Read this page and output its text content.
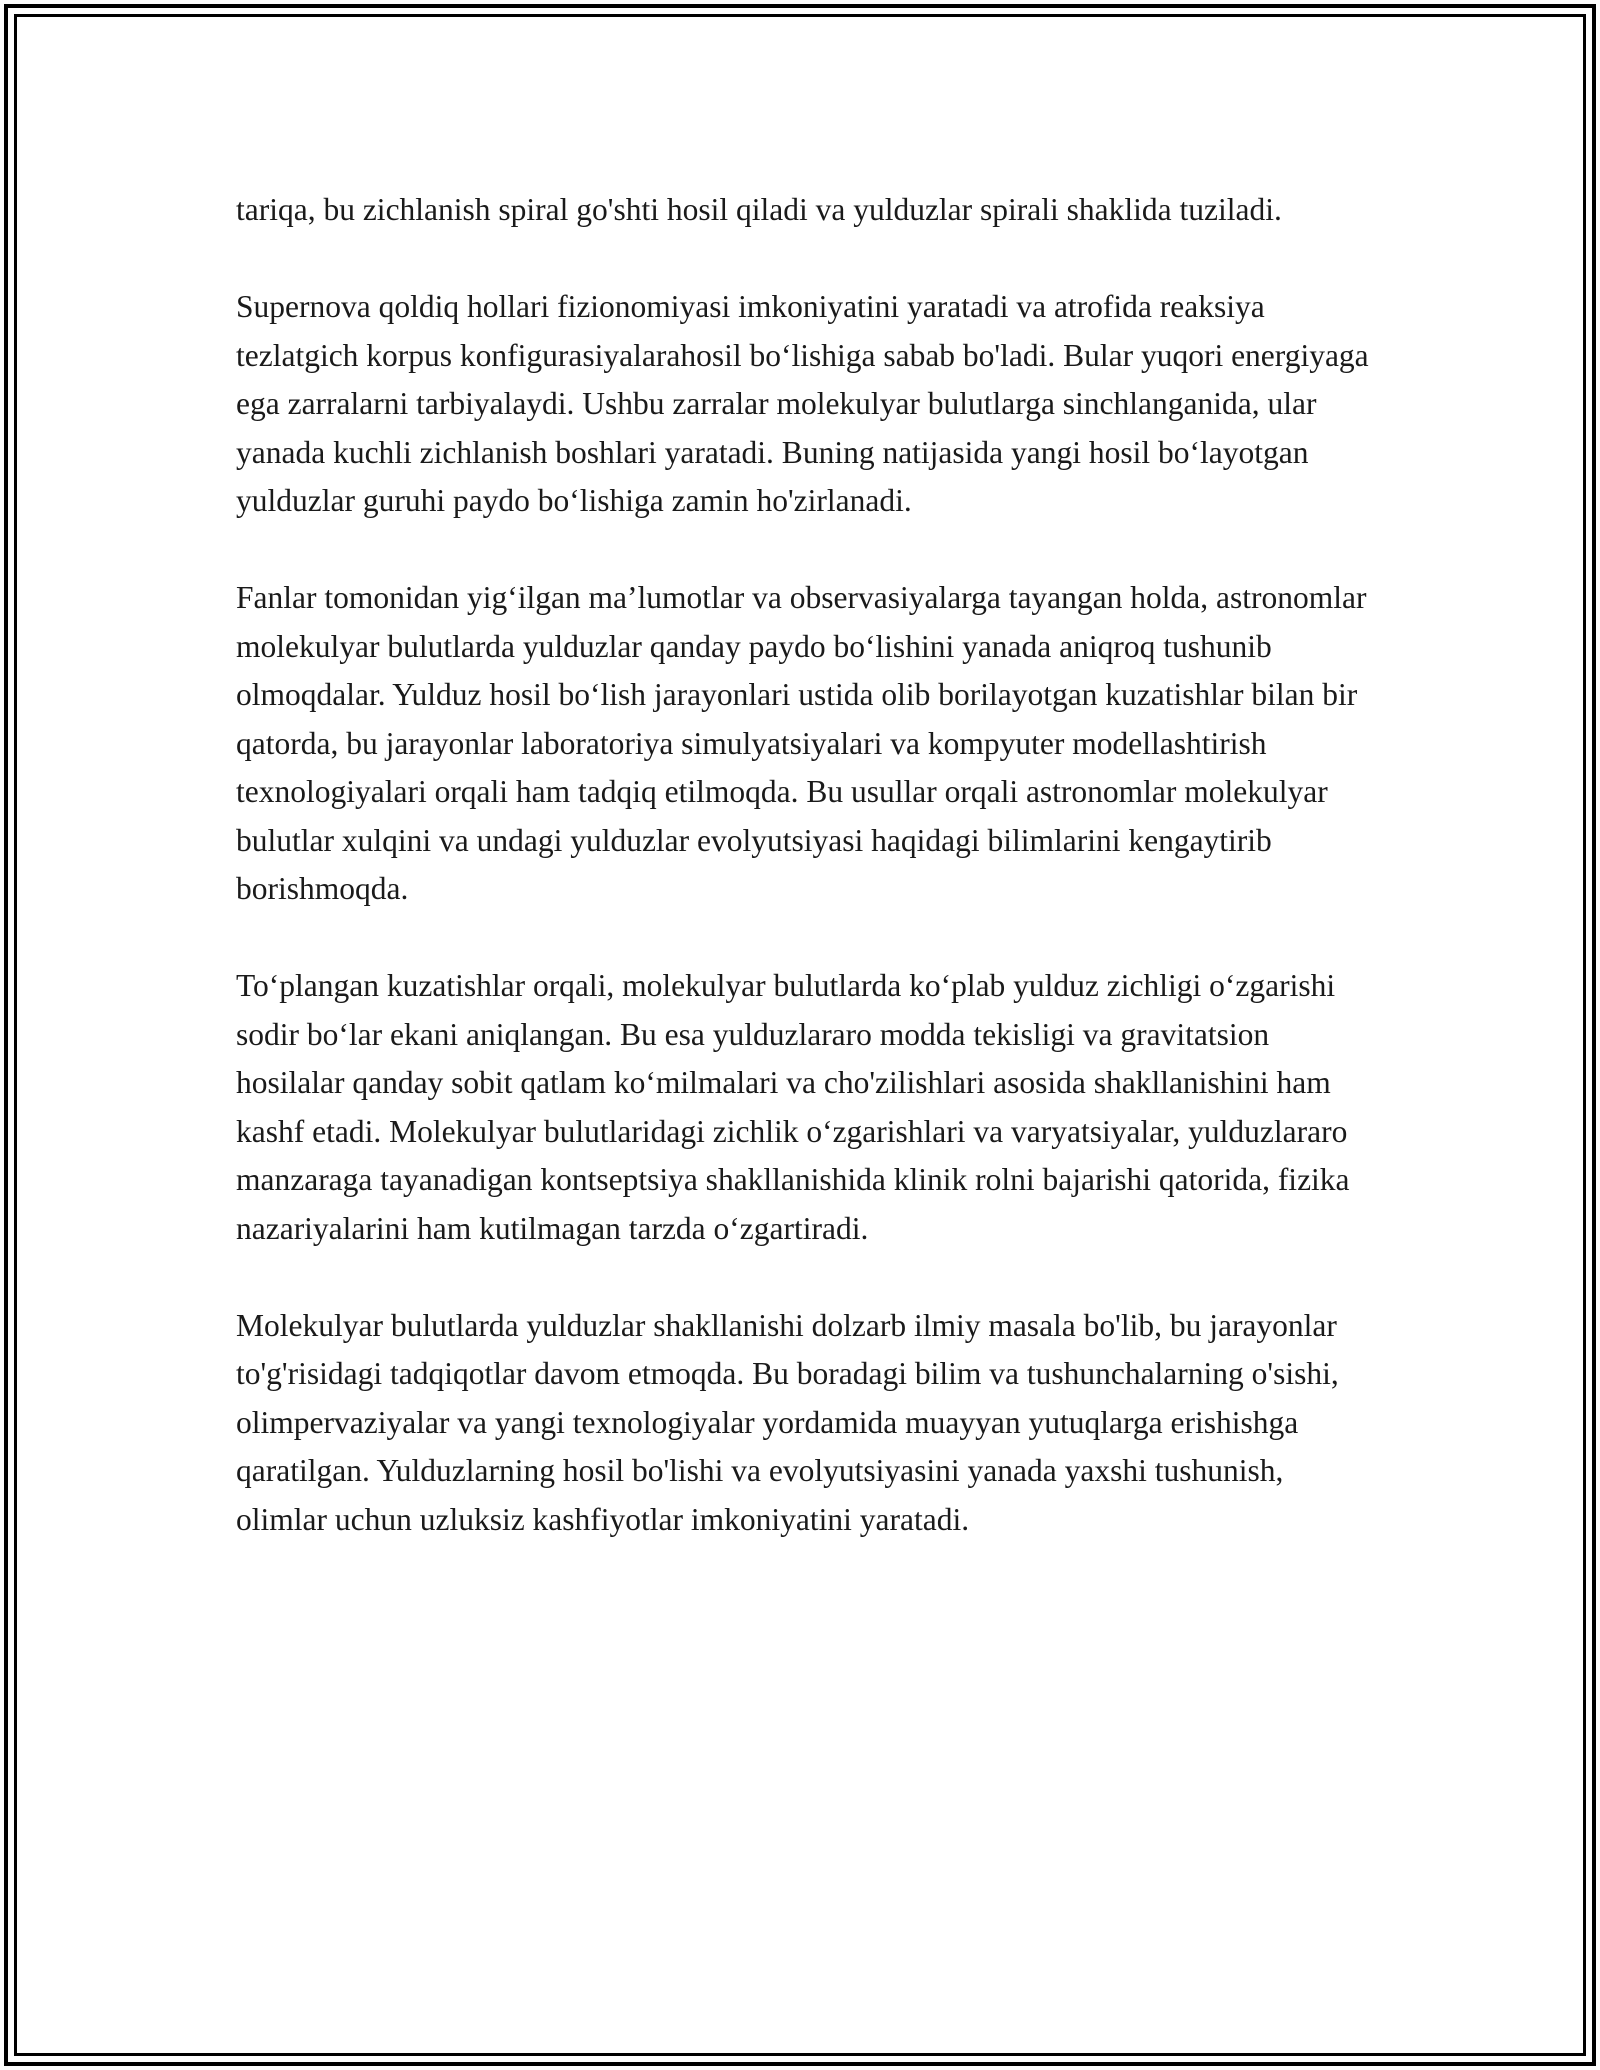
tariqa, bu zichlanish spiral go'shti hosil qiladi va yulduzlar spirali shaklida tuziladi.

Supernova qoldiq hollari fizionomiyasi imkoniyatini yaratadi va atrofida reaksiya tezlatgich korpus konfigurasiyalarahosil bo‘lishiga sabab bo'ladi. Bular yuqori energiyaga ega zarralarni tarbiyalaydi. Ushbu zarralar molekulyar bulutlarga sinchlanganida, ular yanada kuchli zichlanish boshlari yaratadi. Buning natijasida yangi hosil bo‘layotgan yulduzlar guruhi paydo bo‘lishiga zamin ho'zirlanadi.

Fanlar tomonidan yig‘ilgan ma’lumotlar va observasiyalarga tayangan holda, astronomlar molekulyar bulutlarda yulduzlar qanday paydo bo‘lishini yanada aniqroq tushunib olmoqdalar. Yulduz hosil bo‘lish jarayonlari ustida olib borilayotgan kuzatishlar bilan bir qatorda, bu jarayonlar laboratoriya simulyatsiyalari va kompyuter modellashtirish texnologiyalari orqali ham tadqiq etilmoqda. Bu usullar orqali astronomlar molekulyar bulutlar xulqini va undagi yulduzlar evolyutsiyasi haqidagi bilimlarini kengaytirib borishmoqda.

To‘plangan kuzatishlar orqali, molekulyar bulutlarda ko‘plab yulduz zichligi o‘zgarishi sodir bo‘lar ekani aniqlangan. Bu esa yulduzlararo modda tekisligi va gravitatsion hosilalar qanday sobit qatlam ko‘milmalari va cho'zilishlari asosida shakllanishini ham kashf etadi. Molekulyar bulutlaridagi zichlik o‘zgarishlari va varyatsiyalar, yulduzlararo manzaraga tayanadigan kontseptsiya shakllanishida klinik rolni bajarishi qatorida, fizika nazariyalarini ham kutilmagan tarzda o‘zgartiradi.

Molekulyar bulutlarda yulduzlar shakllanishi dolzarb ilmiy masala bo'lib, bu jarayonlar to'g'risidagi tadqiqotlar davom etmoqda. Bu boradagi bilim va tushunchalarning o'sishi, olimpervaziyalar va yangi texnologiyalar yordamida muayyan yutuqlarga erishishga qaratilgan. Yulduzlarning hosil bo'lishi va evolyutsiyasini yanada yaxshi tushunish, olimlar uchun uzluksiz kashfiyotlar imkoniyatini yaratadi.
